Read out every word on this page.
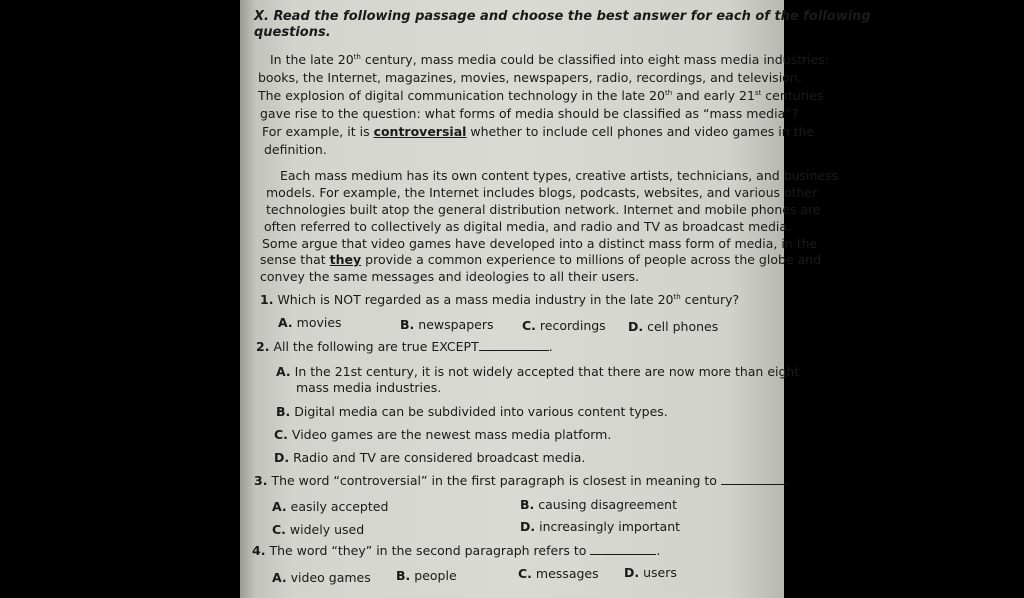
X. Read the following passage and choose the best answer for each of the following
questions.
In the late 20th century, mass media could be classified into eight mass media industries:
books, the Internet, magazines, movies, newspapers, radio, recordings, and television.
The explosion of digital communication technology in the late 20th and early 21st centuries
gave rise to the question: what forms of media should be classified as “mass media”?
For example, it is controversial whether to include cell phones and video games in the
definition.
Each mass medium has its own content types, creative artists, technicians, and business
models. For example, the Internet includes blogs, podcasts, websites, and various other
technologies built atop the general distribution network. Internet and mobile phones are
often referred to collectively as digital media, and radio and TV as broadcast media.
Some argue that video games have developed into a distinct mass form of media, in the
sense that they provide a common experience to millions of people across the globe and
convey the same messages and ideologies to all their users.
1. Which is NOT regarded as a mass media industry in the late 20th century?
A. movies	B. newspapers C. recordings D. cell phones
2. All the following are true EXCEPT	.
A. In the 21st century, it is not widely accepted that there are now more than eight
mass media industries.
B. Digital media can be subdivided into various content types.
C. Video games are the newest mass media platform.
D. Radio and TV are considered broadcast media.
3. The word “controversial” in the first paragraph is closest in meaning to	.
A. easily accepted	B. causing disagreement
C. widely used	D. increasingly important
4. The word “they” in the second paragraph refers to	.
A. video games B. people	C. messages D. users
